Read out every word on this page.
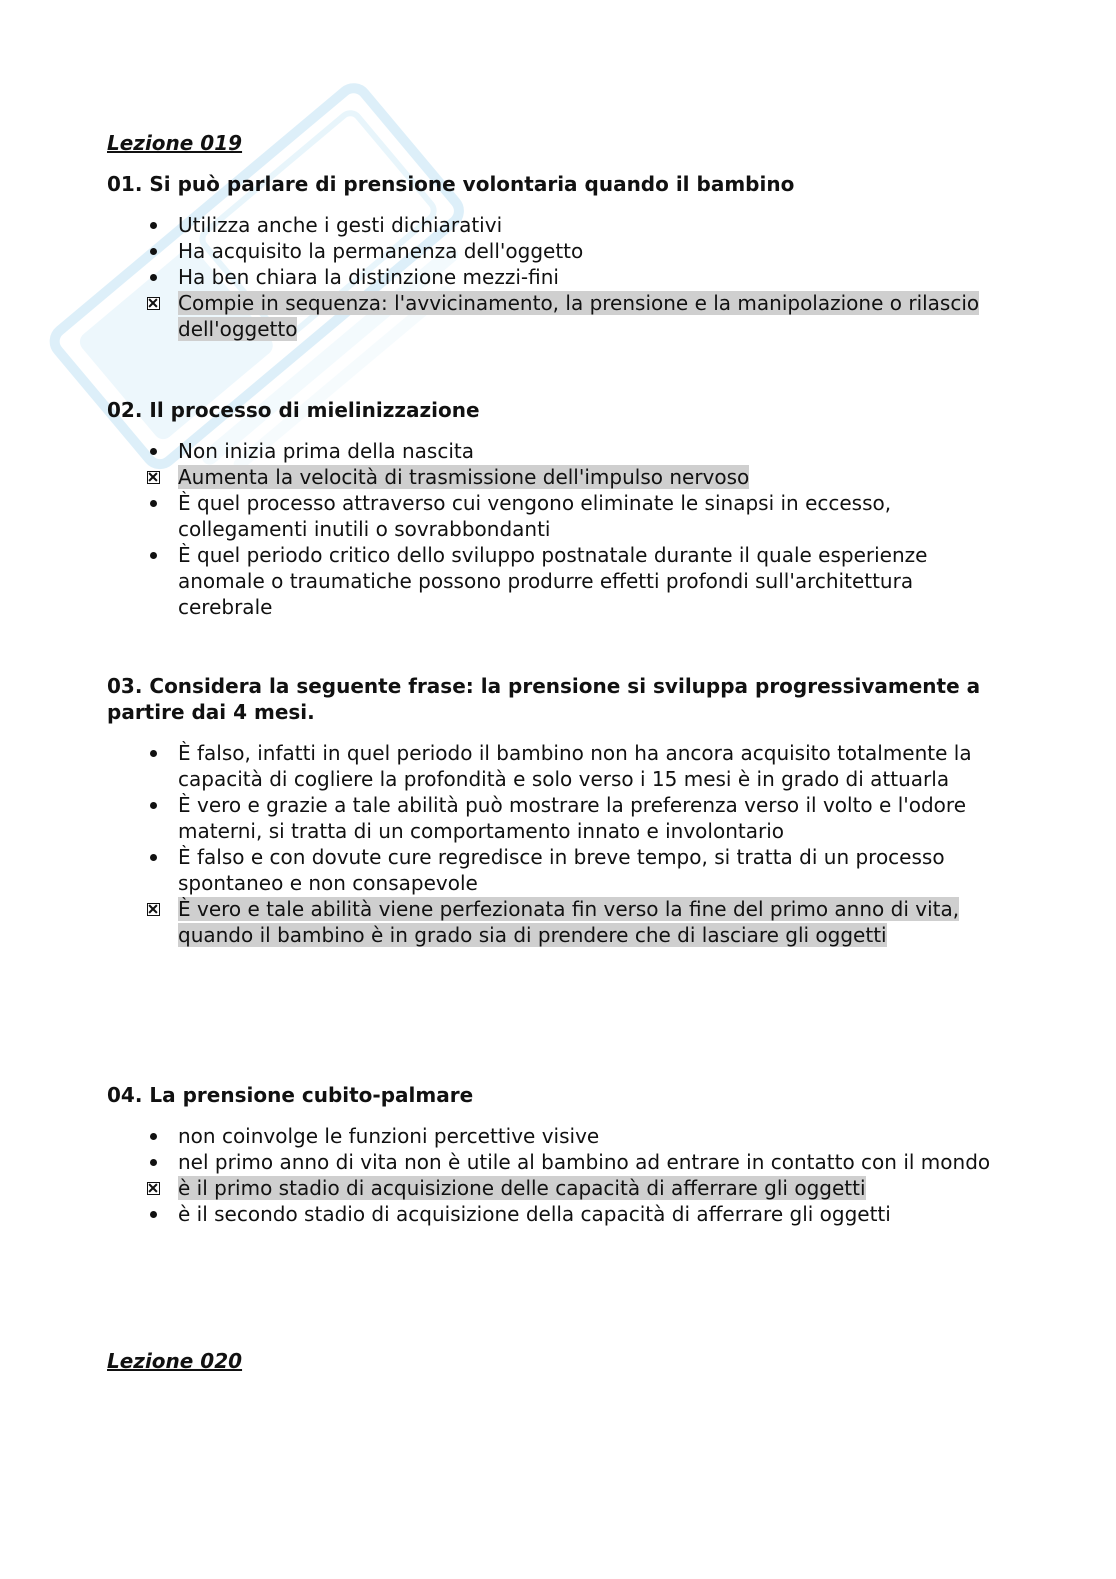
Lezione 019

01. Si può parlare di prensione volontaria quando il bambino

Utilizza anche i gesti dichiarativi
Ha acquisito la permanenza dell'oggetto
Ha ben chiara la distinzione mezzi-fini
Compie in sequenza: l'avvicinamento, la prensione e la manipolazione o rilascio dell'oggetto

02. Il processo di mielinizzazione

Non inizia prima della nascita
Aumenta la velocità di trasmissione dell'impulso nervoso
È quel processo attraverso cui vengono eliminate le sinapsi in eccesso, collegamenti inutili o sovrabbondanti
È quel periodo critico dello sviluppo postnatale durante il quale esperienze anomale o traumatiche possono produrre effetti profondi sull'architettura cerebrale

03. Considera la seguente frase: la prensione si sviluppa progressivamente a partire dai 4 mesi.

È falso, infatti in quel periodo il bambino non ha ancora acquisito totalmente la capacità di cogliere la profondità e solo verso i 15 mesi è in grado di attuarla
È vero e grazie a tale abilità può mostrare la preferenza verso il volto e l'odore materni, si tratta di un comportamento innato e involontario
È falso e con dovute cure regredisce in breve tempo, si tratta di un processo spontaneo e non consapevole
È vero e tale abilità viene perfezionata fin verso la fine del primo anno di vita, quando il bambino è in grado sia di prendere che di lasciare gli oggetti

04. La prensione cubito-palmare

non coinvolge le funzioni percettive visive
nel primo anno di vita non è utile al bambino ad entrare in contatto con il mondo
è il primo stadio di acquisizione delle capacità di afferrare gli oggetti
è il secondo stadio di acquisizione della capacità di afferrare gli oggetti
Lezione 020
